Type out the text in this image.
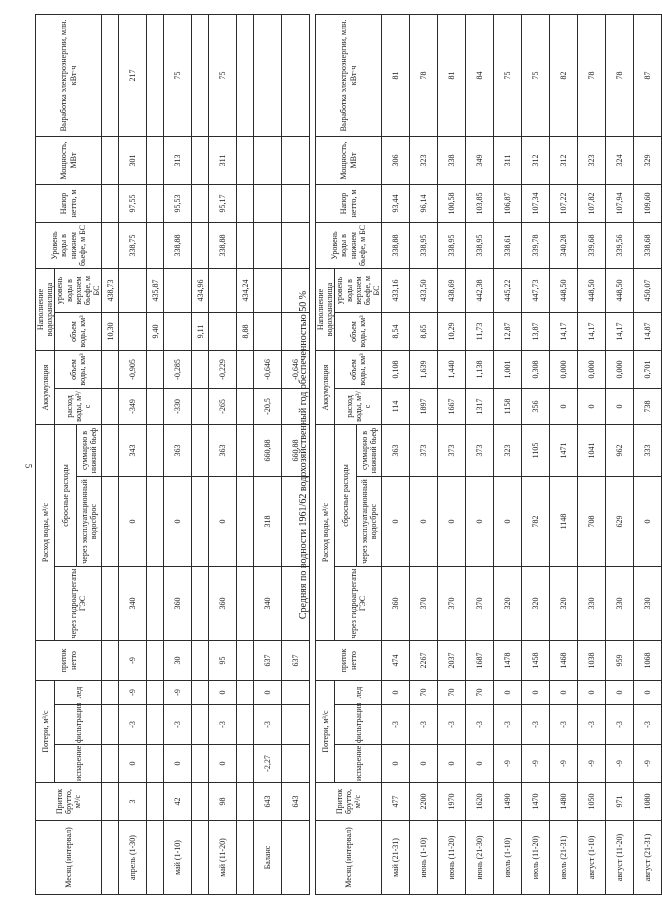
5
Месяц (интервал)	Приток брутто, м³/с	Потери, м³/с			приток нетто	Расход воды, м³/с			Аккумуляция		Наполнение водохранилища		Уровень воды в нижнем бьефе, м БС	Напор нетто, м	Мощность, МВт	Выработка электроэнергии, млн. кВт·ч
		испарение	фильтрация	лед		через гидроагрегаты ГЭС	сбросные расходы		расход воды, м³/с	объем воды, км³	объем воды, км³	уровень воды в верхнем бьефе, м БС				
							через эксплуатационный водосброс	суммарно в нижний бьеф								
											10,30	438,73				
апрель (1-30)	3	0	-3	-9	-9	340	0	343	-349	-0,905			338,75	97,55	301	217
											9,40	435,87				
май (1-10)	42	0	-3	-9	30	360	0	363	-330	-0,285			338,88	95,53	313	75
											9,11	434,96				
май (11-20)	98	0	-3	0	95	360	0	363	-265	-0,229			338,88	95,17	311	75
											8,88	434,24				
Баланс	643	-2,27	-3	0	637	340	318	660,88	-20,5	-0,646						
	643				637			660,88		-0,646						
Средняя по водности 1961/62 водохозяйственный год обеспеченностью 50 %
Месяц (интервал)	Приток брутто, м³/с	Потери, м³/с			приток нетто	Расход воды, м³/с			Аккумуляция		Наполнение водохранилища		Уровень воды в нижнем бьефе, м БС	Напор нетто, м	Мощность, МВт	Выработка электроэнергии, млн. кВт·ч
		испарение	фильтрация	лед		через гидроагрегаты ГЭС	сбросные расходы		расход воды, м³/с	объем воды, км³	объем воды, км³	уровень воды в верхнем бьефе, м БС				
							через эксплуатационный водосброс	суммарно в нижний бьеф								
май (21-31)	477	0	-3	0	474	360	0	363	114	0,108	8,54	433,16	338,88	93,44	306	81
июнь (1-10)	2200	0	-3	70	2267	370	0	373	1897	1,639	8,65	433,50	338,95	96,14	323	78
июнь (11-20)	1970	0	-3	70	2037	370	0	373	1667	1,440	10,29	438,69	338,95	100,58	338	81
июнь (21-30)	1620	0	-3	70	1687	370	0	373	1317	1,138	11,73	442,38	338,95	103,85	349	84
июль (1-10)	1490	-9	-3	0	1478	320	0	323	1158	1,001	12,87	445,22	338,61	106,87	311	75
июль (11-20)	1470	-9	-3	0	1458	320	782	1105	356	0,308	13,87	447,73	339,78	107,34	312	75
июль (21-31)	1480	-9	-3	0	1468	320	1148	1471	0	0,000	14,17	448,50	340,28	107,22	312	82
август (1-10)	1050	-9	-3	0	1038	330	708	1041	0	0,000	14,17	448,50	339,68	107,82	323	78
август (11-20)	971	-9	-3	0	959	330	629	962	0	0,000	14,17	448,50	339,56	107,94	324	78
август (21-31)	1080	-9	-3	0	1068	330	0	333	738	0,701	14,87	450,07	338,68	109,60	329	87
